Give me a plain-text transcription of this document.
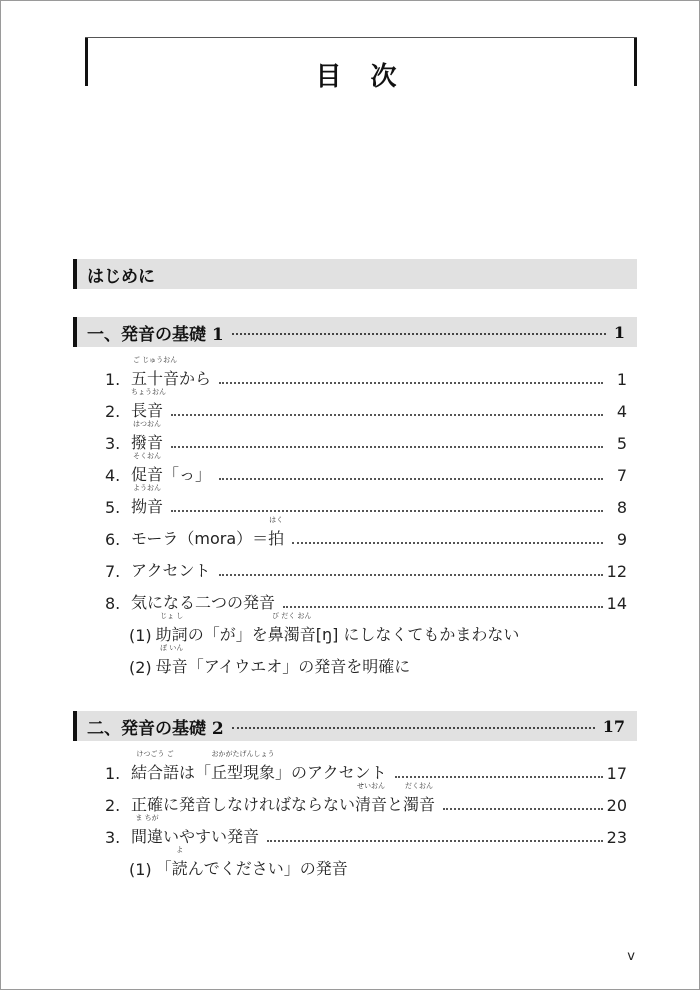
目 次
はじめに
一、発音の基礎 1	1
1.
ご じゅうおん
五十音から	1
2.
ちょうおん
長音	4
3.
はつおん
撥音	5
4.
そくおん
促音「っ」	7
5.
ようおん
拗音	8
6. モーラ（mora）＝
はく
拍	9
7. アクセント	12
8. 気になる二つの発音	14
(1)
じょ し
助詞 の「が」を
び だく おん
鼻濁音 [ŋ] にしなくてもかまわない
(2)
ぼ いん
母音 「アイウエオ」の発音を明確に
二、発音の基礎 2	17
1.
けつごう ご
結合語は「
おかがたげんしょう
丘型現象」のアクセント	17
2. 正確に発音しなければならない
せいおん
清音と
だくおん
濁音	20
3.
ま ちが
間違いやすい発音	23
(1) 「
よ
読 んでください」の発音
v
